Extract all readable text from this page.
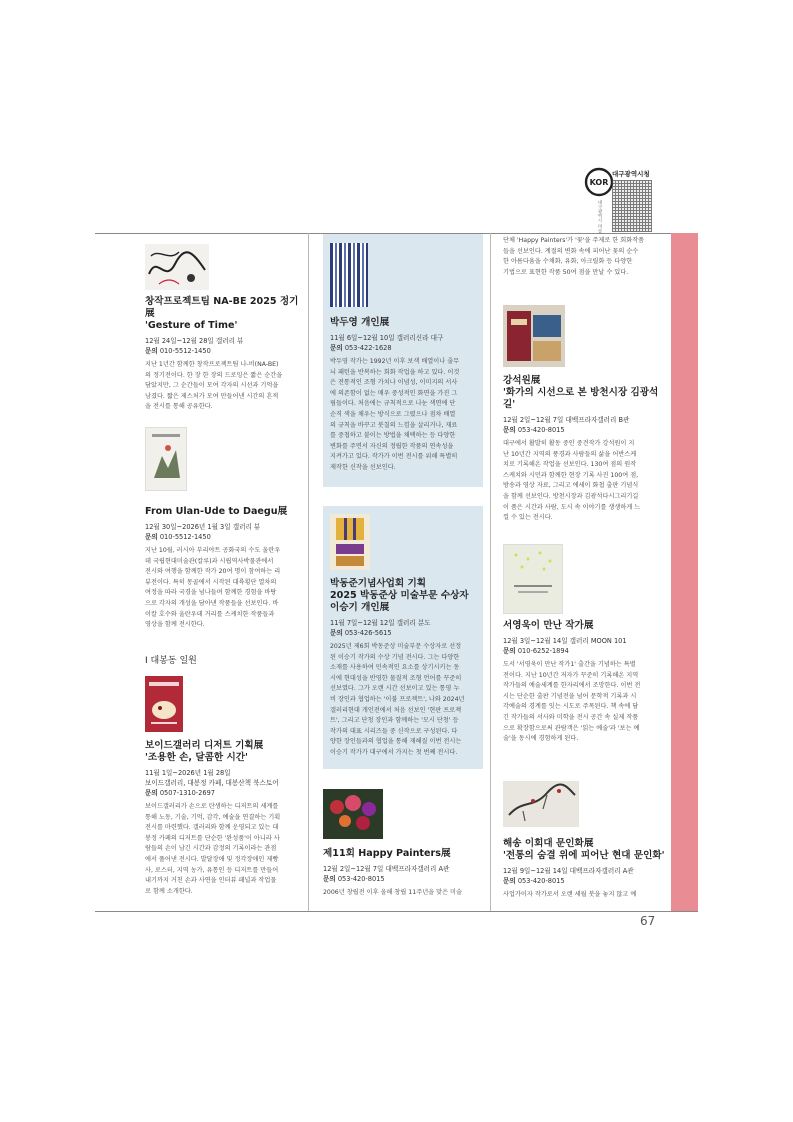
KOR
대구광역시청
대구광역시 미술
67

창작프로젝트팀 NA-BE 2025 정기展
'Gesture of Time'

12월 24일~12월 28일 갤러리 뷰

문의 010-5512-1450

지난 1년간 함께한 창작프로젝트팀 나-비(NA-BE)
의 정기전이다. 한 장 한 장의 드로잉은 짧은 순간을
담았지만, 그 순간들이 모여 각자의 시선과 기억을
남겼다. 짧은 제스처가 모여 만들어낸 시간의 흔적
을 전시를 통해 공유한다.

From Ulan-Ude to Daegu展

12월 30일~2026년 1월 3일 갤러리 뷰

문의 010-5512-1450

지난 10월, 러시아 부리야트 공화국의 수도 울란우
데 국립현대미술관(칼루)과 시립역사박물관에서
전시와 여행을 함께한 작가 20여 명이 참여하는 리
뷰전이다. 특히 몽골에서 시작된 대륙횡단 열차의
여정을 따라 국경을 넘나들며 함께한 경험을 바탕
으로 각자의 개성을 담아낸 작품들을 선보인다. 바
이칼 호수와 울란우데 거리를 스케치한 작품들과
영상을 함께 전시한다.

I 대봉동 일원

보이드갤러리 디저트 기획展
'조용한 손, 달콤한 시간'

11월 1일~2026년 1월 28일

보이드갤러리, 대봉정 카페, 대봉산책 북스토어

문의 0507-1310-2697

보이드갤러리가 손으로 탄생하는 디저트의 세계를
통해 노동, 기술, 기억, 감각, 예술을 연결하는 기획
전시를 마련했다. 갤러리와 함께 운영되고 있는 대
봉정 카페의 디저트를 단순한 '완성품'이 아니라 사
람들의 손이 남긴 시간과 감정의 기록이라는 관점
에서 풀어낸 전시다. 발달장애 및 정각장애인 제빵
사, 로스터, 지역 농가, 유통인 등 디저트를 만들어
내기까지 거친 손과 사연을 인터뷰 패널과 작업물
로 함께 소개한다.

박두영 개인展

11월 6일~12월 10일 갤러리신라 대구

문의 053-422-1628

박두영 작가는 1992년 이후 보색 배열이나 줄무
늬 패턴을 반복하는 회화 작업을 하고 있다. 이것
은 전통적인 조형 가치나 이념성, 이미지의 서사
에 의존함이 없는 매우 중성적인 화면을 가진 그
림들이다. 처음에는 규칙적으로 나눈 색면에 단
순직 색을 채우는 방식으로 그렸으나 점차 배열
의 규칙을 바꾸고 붓칠의 느낌을 살리거나, 재료
를 중첩하고 붙이는 방법을 채택하는 등 다양한
변화를 주면서 자신의 정립한 작품의 연속성을
지켜가고 있다. 작가가 이번 전시를 위해 특별히
제작한 신작을 선보인다.

박동준기념사업회 기획
2025 박동준상 미술부문 수상자
이승기 개인展

11월 7일~12월 12일 갤러리 분도

문의 053-426-5615

2025년 제6회 박동준상 미술부문 수상자로 선정
된 이승기 작가의 수상 기념 전시다. 그는 다양한
소재를 사용하여 민속적인 요소를 상기시키는 동
시에 현대성을 반영한 물질적 조형 언어를 꾸준히
선보였다. 그가 오랜 시간 선보이고 있는 통영 누
비 장인과 협업하는 '이불 프로젝트', 나와 2024년
갤러리현대 개인전에서 처음 선보인 '현판 프로젝
트', 그리고 단청 장인과 함께하는 '모시 단청' 등
작가의 대표 시리즈들 중 신작으로 구성된다. 다
양한 장인들과의 협업을 통해 재해질 이번 전시는
이승기 작가가 대구에서 가지는 첫 번째 전시다.

제11회 Happy Painters展

12월 2일~12월 7일 대백프라자갤러리 A관

문의 053-420-8015

2006년 창립전 이후 올해 창립 11주년을 맞은 미술

단체 'Happy Painters'가 '꽃'을 주제로 한 회화작품
들을 선보인다. 계절의 변화 속에 피어난 꽃의 순수
한 아름다움을 수채화, 유화, 아크릴화 등 다양한
기법으로 표현한 작품 50여 점을 만날 수 있다.

강석원展
'화가의 시선으로 본 방천시장 김광석길'

12월 2일~12월 7일 대백프라자갤러리 B관

문의 053-420-8015

대구에서 활발히 활동 중인 중견작가 강석원이 지
난 10년간 지역의 풍경과 사람들의 삶을 어반스케
치로 기록해온 작업을 선보인다. 130여 점의 원작
스케치와 시민과 함께한 현장 기록 사진 100여 점,
방송과 영상 자료, 그리고 에세이 화첩 출판 기념식
을 함께 선보인다. 방천시장과 김광석다시그리기길
이 품은 시간과 사람, 도시 속 이야기를 생생하게 느
낄 수 있는 전시다.

서영욱이 만난 작가展

12월 3일~12월 14일 갤러리 MOON 101

문의 010-6252-1894

도서 '서영욱이 만난 작가1' 출간을 기념하는 특별
전이다. 지난 10년간 저자가 꾸준히 기록해온 지역
작가들의 예술세계를 한자리에서 조망한다. 이번 전
시는 단순한 출판 기념전을 넘어 문학적 기록과 시
각예술의 경계를 잇는 시도로 주목된다. 책 속에 담
긴 작가들의 서사와 미학을 전시 공간 속 실제 작품
으로 확장함으로써 관람객은 '읽는 예술'과 '보는 예
술'을 동시에 경험하게 된다.

해송 이회대 문인화展
'전통의 숨결 위에 피어난 현대 문인화'

12월 9일~12월 14일 대백프라자갤러리 A관

문의 053-420-8015

사업가이자 작가로서 오랜 세월 붓을 놓지 않고 예
